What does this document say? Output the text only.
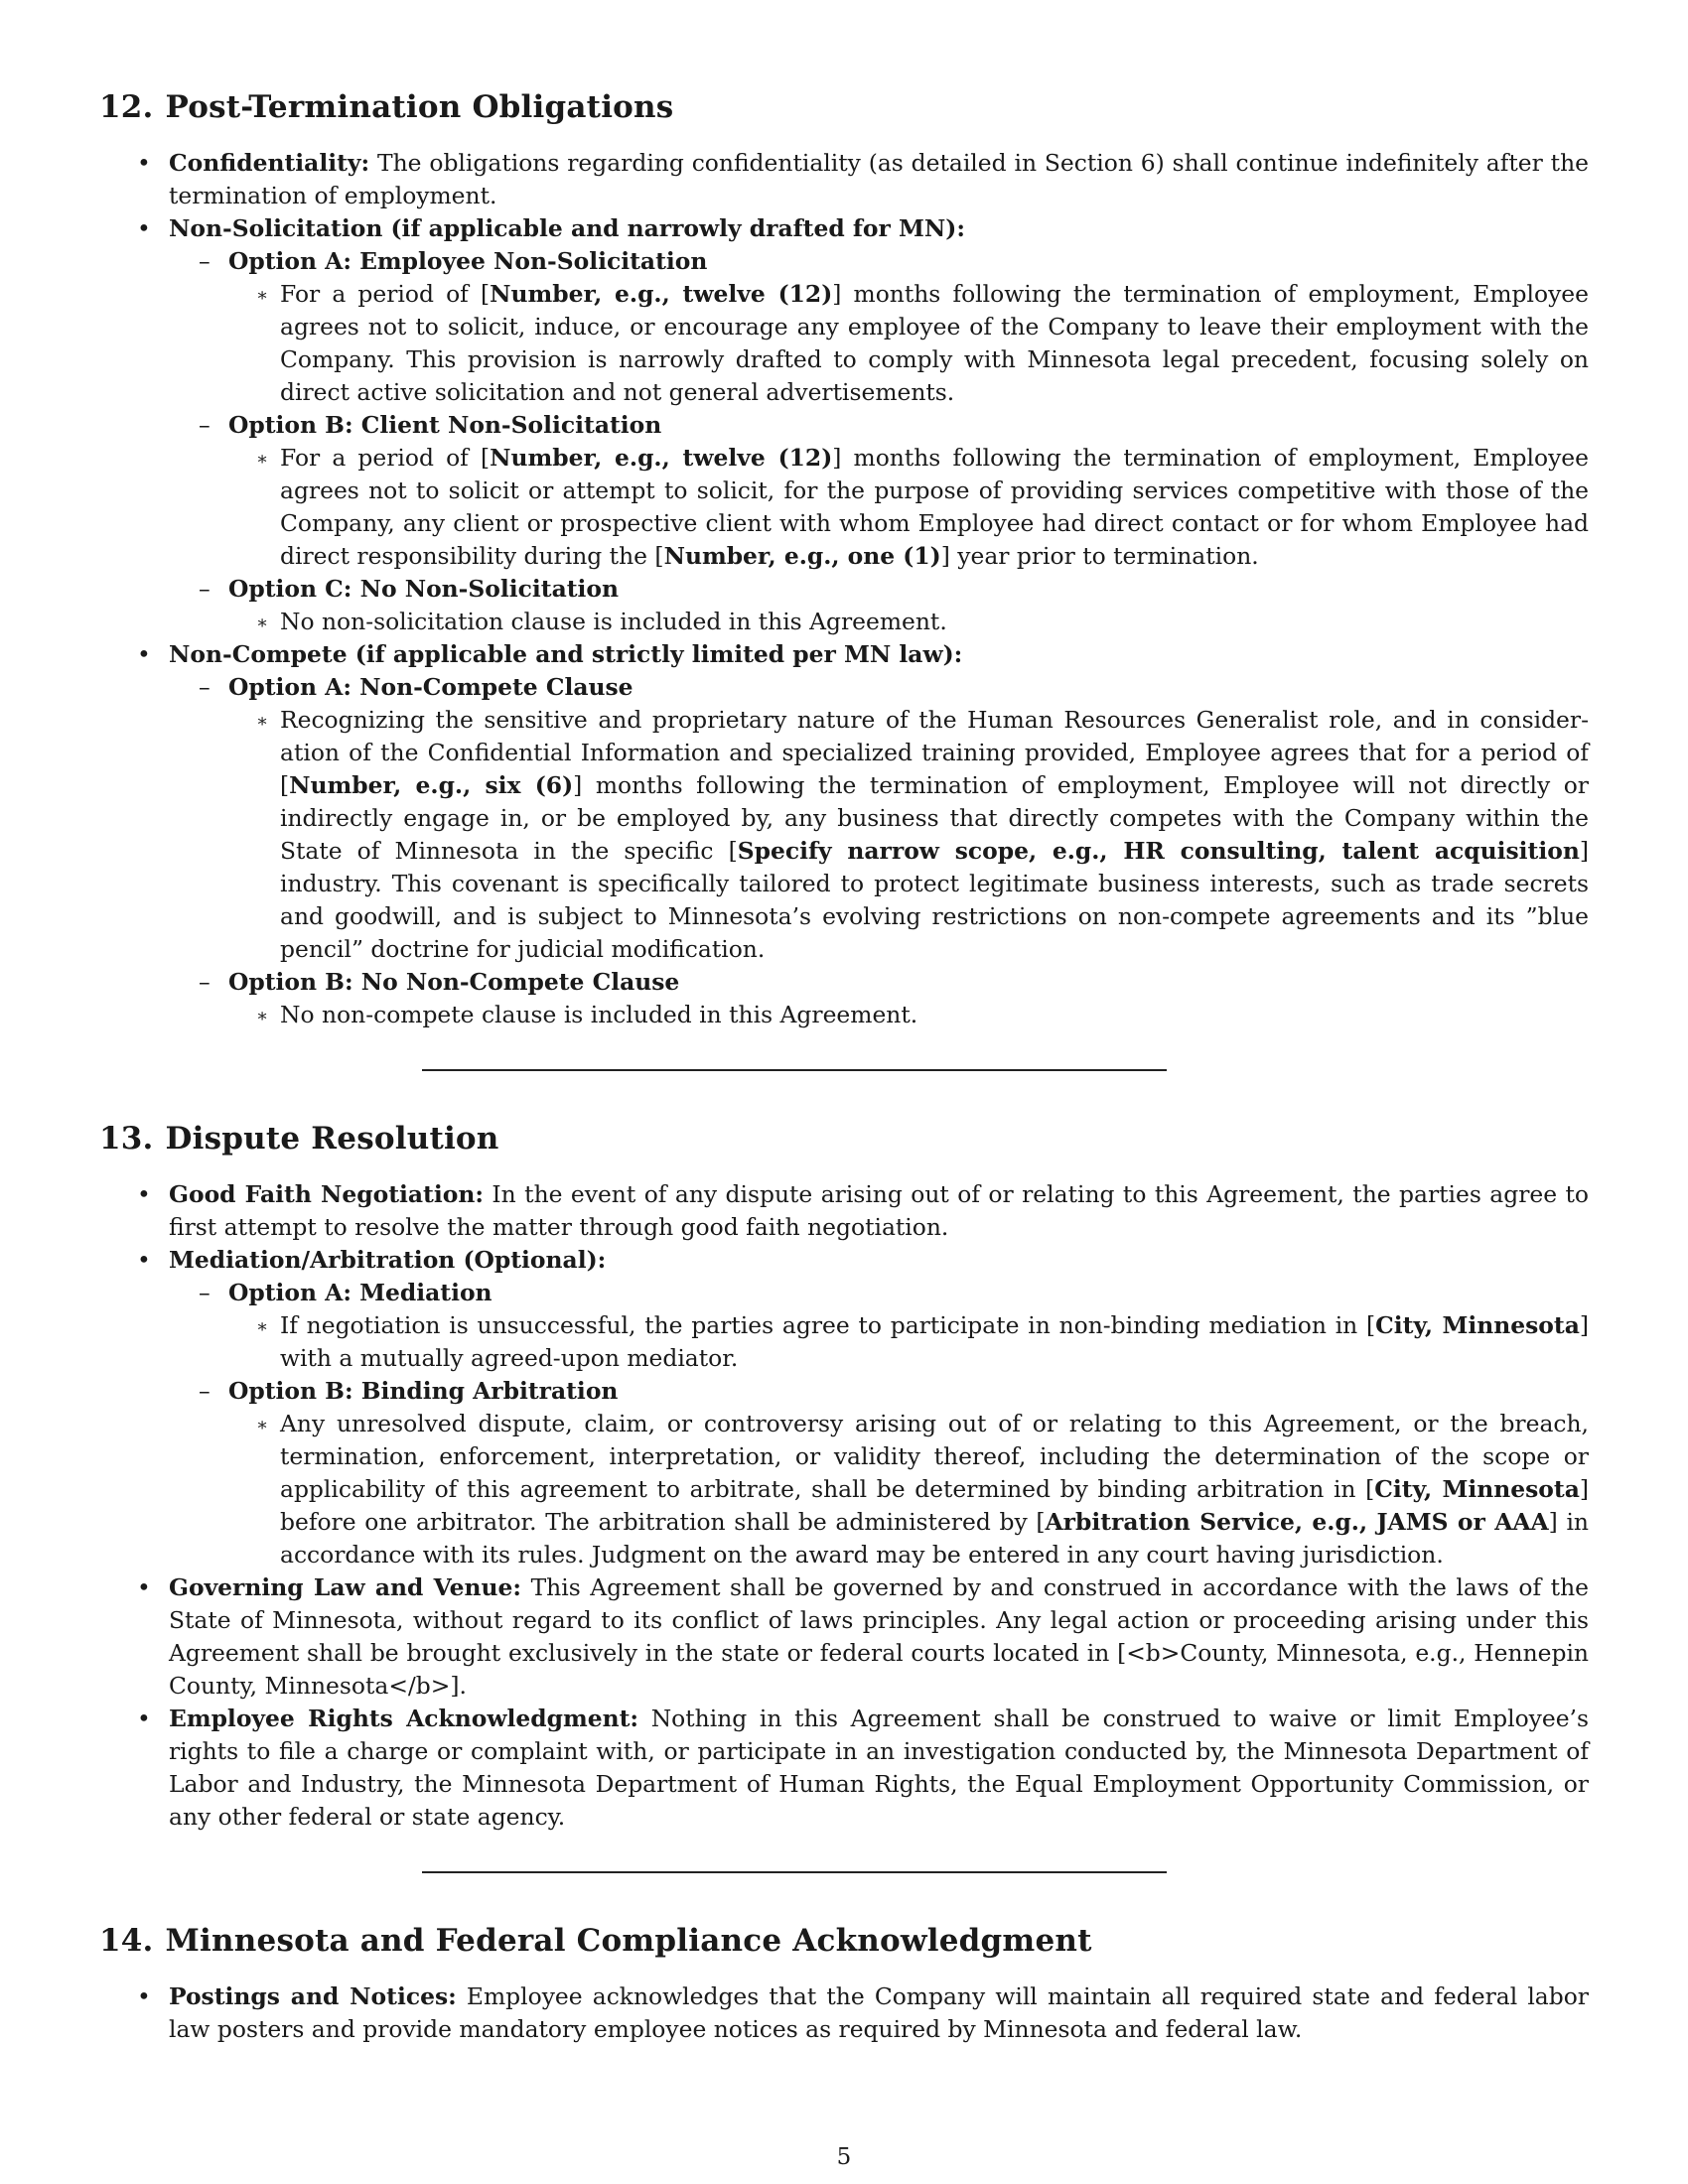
12. Post-Termination Obligations
• Confidentiality: The obligations regarding confidentiality (as detailed in Section 6) shall continue indefinitely after the termination of employment.
• Non-Solicitation (if applicable and narrowly drafted for MN):
– Option A: Employee Non-Solicitation
∗ For a period of [Number, e.g., twelve (12)] months following the termination of employment, Employee agrees not to solicit, induce, or encourage any employee of the Company to leave their employment with the Company. This provision is narrowly drafted to comply with Minnesota legal precedent, focusing solely on direct active solicitation and not general advertisements.
– Option B: Client Non-Solicitation
∗ For a period of [Number, e.g., twelve (12)] months following the termination of employment, Employee agrees not to solicit or attempt to solicit, for the purpose of providing services competitive with those of the Company, any client or prospective client with whom Employee had direct contact or for whom Employee had direct responsibility during the [Number, e.g., one (1)] year prior to termination.
– Option C: No Non-Solicitation
∗ No non-solicitation clause is included in this Agreement.
• Non-Compete (if applicable and strictly limited per MN law):
– Option A: Non-Compete Clause
∗ Recognizing the sensitive and proprietary nature of the Human Resources Generalist role, and in consider-ation of the Confidential Information and specialized training provided, Employee agrees that for a period of [Number, e.g., six (6)] months following the termination of employment, Employee will not directly or indirectly engage in, or be employed by, any business that directly competes with the Company within the State of Minnesota in the specific [Specify narrow scope, e.g., HR consulting, talent acquisition] industry. This covenant is specifically tailored to protect legitimate business interests, such as trade secrets and goodwill, and is subject to Minnesota’s evolving restrictions on non-compete agreements and its ”blue pencil” doctrine for judicial modification.
– Option B: No Non-Compete Clause
∗ No non-compete clause is included in this Agreement.
13. Dispute Resolution
• Good Faith Negotiation: In the event of any dispute arising out of or relating to this Agreement, the parties agree to first attempt to resolve the matter through good faith negotiation.
• Mediation/Arbitration (Optional):
– Option A: Mediation
∗ If negotiation is unsuccessful, the parties agree to participate in non-binding mediation in [City, Minnesota] with a mutually agreed-upon mediator.
– Option B: Binding Arbitration
∗ Any unresolved dispute, claim, or controversy arising out of or relating to this Agreement, or the breach, termination, enforcement, interpretation, or validity thereof, including the determination of the scope or applicability of this agreement to arbitrate, shall be determined by binding arbitration in [City, Minnesota] before one arbitrator. The arbitration shall be administered by [Arbitration Service, e.g., JAMS or AAA] in accordance with its rules. Judgment on the award may be entered in any court having jurisdiction.
• Governing Law and Venue: This Agreement shall be governed by and construed in accordance with the laws of the State of Minnesota, without regard to its conflict of laws principles. Any legal action or proceeding arising under this Agreement shall be brought exclusively in the state or federal courts located in [<b>County, Minnesota, e.g., Hennepin County, Minnesota</b>].
• Employee Rights Acknowledgment: Nothing in this Agreement shall be construed to waive or limit Employee’s rights to file a charge or complaint with, or participate in an investigation conducted by, the Minnesota Department of Labor and Industry, the Minnesota Department of Human Rights, the Equal Employment Opportunity Commission, or any other federal or state agency.
14. Minnesota and Federal Compliance Acknowledgment
• Postings and Notices: Employee acknowledges that the Company will maintain all required state and federal labor law posters and provide mandatory employee notices as required by Minnesota and federal law.
5
